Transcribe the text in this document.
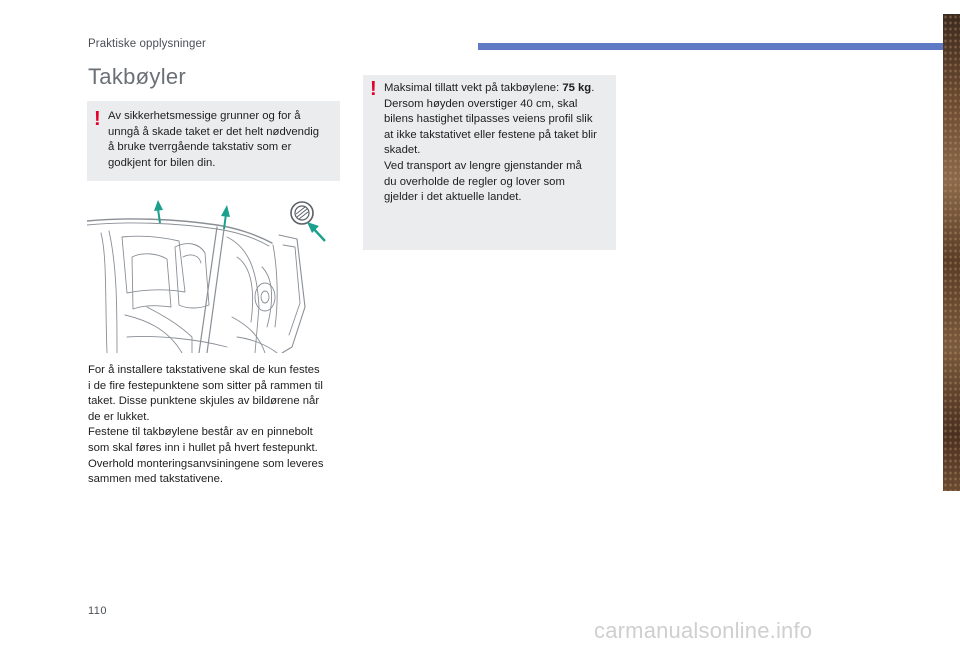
Praktiske opplysninger
Takbøyler
! Av sikkerhetsmessige grunner og for å
unngå å skade taket er det helt nødvendig
å bruke tverrgående takstativ som er
godkjent for bilen din.
! Maksimal tillatt vekt på takbøylene: 75 kg.
Dersom høyden overstiger 40 cm, skal
bilens hastighet tilpasses veiens profil slik
at ikke takstativet eller festene på taket blir
skadet.
Ved transport av lengre gjenstander må
du overholde de regler og lover som
gjelder i det aktuelle landet.
For å installere takstativene skal de kun festes
i de fire festepunktene som sitter på rammen til
taket. Disse punktene skjules av bildørene når
de er lukket.
Festene til takbøylene består av en pinnebolt
som skal føres inn i hullet på hvert festepunkt.
Overhold monteringsanvsiningene som leveres
sammen med takstativene.
110
carmanualsonline.info
